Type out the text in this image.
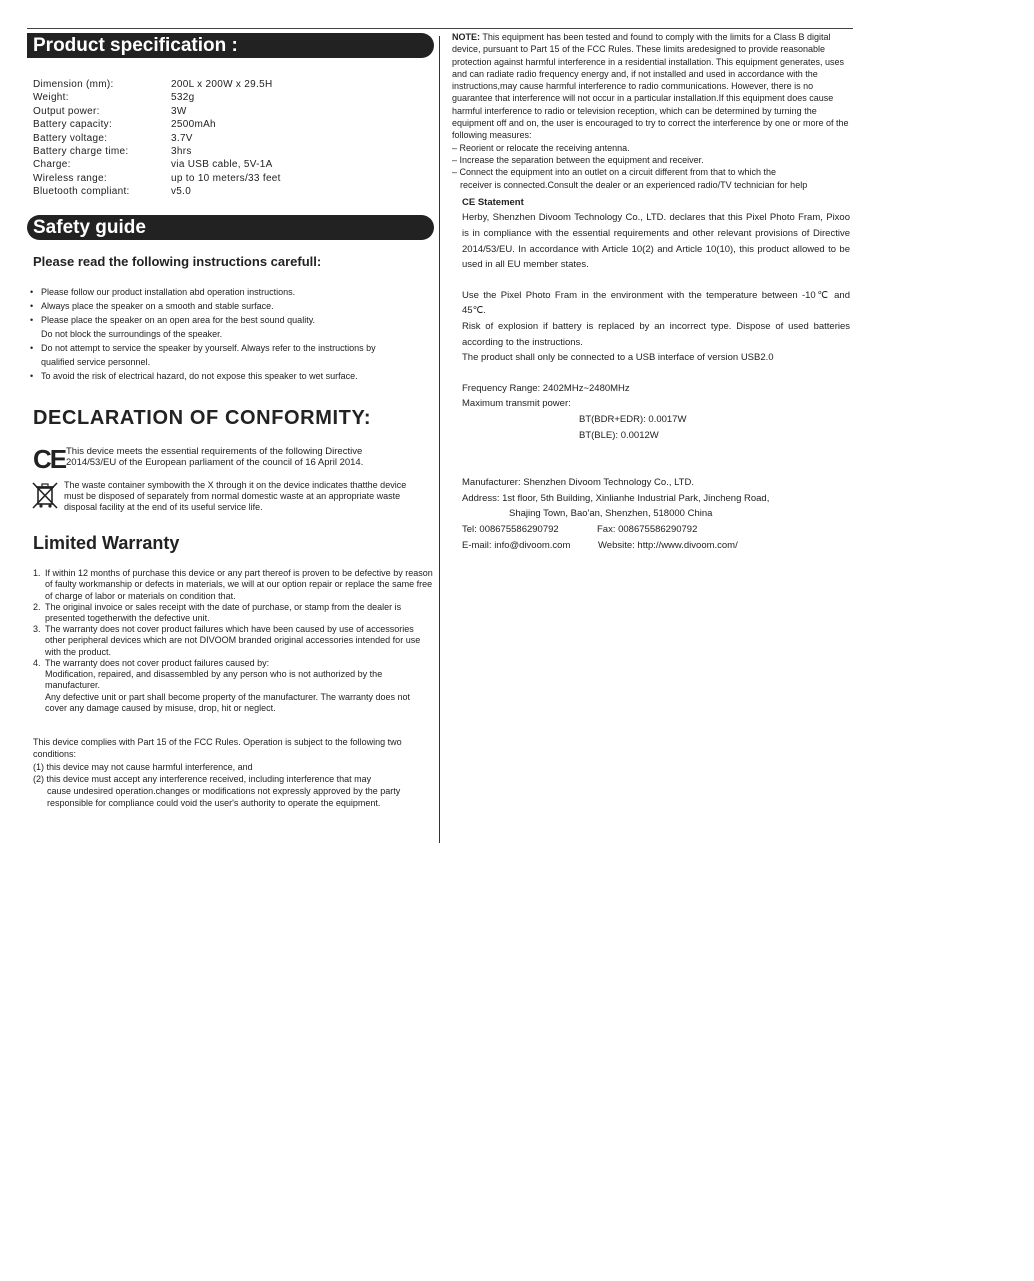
Product specification :
Dimension (mm):	200L x 200W x 29.5H
Weight:	532g
Output power:	3W
Battery capacity:	2500mAh
Battery voltage:	3.7V
Battery charge time:	3hrs
Charge:	via USB cable, 5V-1A
Wireless range:	up to 10 meters/33 feet
Bluetooth compliant:	v5.0
Safety guide
Please read the following instructions carefull:
• Please follow our product installation abd operation instructions.
• Always place the speaker on a smooth and stable surface.
• Please place the speaker on an open area for the best sound quality.
Do not block the surroundings of the speaker.
• Do not attempt to service the speaker by yourself. Always refer to the instructions by
qualified service personnel.
• To avoid the risk of electrical hazard, do not expose this speaker to wet surface.
DECLARATION OF CONFORMITY:
CE This device meets the essential requirements of the following Directive 2014/53/EU of the European parliament of the council of 16 April 2014.
The waste container symbowith the X through it on the device indicates thatthe device must be disposed of separately from normal domestic waste at an appropriate waste disposal facility at the end of its useful service life.
Limited Warranty
1. If within 12 months of purchase this device or any part thereof is proven to be defective by reason of faulty workmanship or defects in materials, we will at our option repair or replace the same free of charge of labor or materials on condition that.
2. The original invoice or sales receipt with the date of purchase, or stamp from the dealer is presented togetherwith the defective unit.
3. The warranty does not cover product failures which have been caused by use of accessories other peripheral devices which are not DIVOOM branded original accessories intended for use with the product.
4. The warranty does not cover product failures caused by:
Modification, repaired, and disassembled by any person who is not authorized by the manufacturer.
Any defective unit or part shall become property of the manufacturer. The warranty does not cover any damage caused by misuse, drop, hit or neglect.
This device complies with Part 15 of the FCC Rules. Operation is subject to the following two conditions:
(1) this device may not cause harmful interference, and
(2) this device must accept any interference received, including interference that may
cause undesired operation.changes or modifications not expressly approved by the party responsible for compliance could void the user's authority to operate the equipment.
NOTE: This equipment has been tested and found to comply with the limits for a Class B digital device, pursuant to Part 15 of the FCC Rules. These limits aredesigned to provide reasonable protection against harmful interference in a residential installation. This equipment generates, uses and can radiate radio frequency energy and, if not installed and used in accordance with the instructions,may cause harmful interference to radio communications. However, there is no guarantee that interference will not occur in a particular installation.If this equipment does cause harmful interference to radio or television reception, which can be determined by turning the equipment off and on, the user is encouraged to try to correct the interference by one or more of the following measures:
– Reorient or relocate the receiving antenna.
– Increase the separation between the equipment and receiver.
– Connect the equipment into an outlet on a circuit different from that to which the
receiver is connected.Consult the dealer or an experienced radio/TV technician for help
CE Statement
Herby, Shenzhen Divoom Technology Co., LTD. declares that this Pixel Photo Fram, Pixoo is in compliance with the essential requirements and other relevant provisions of Directive 2014/53/EU. In accordance with Article 10(2) and Article 10(10), this product allowed to be used in all EU member states.
Use the Pixel Photo Fram in the environment with the temperature between -10℃ and 45℃.
Risk of explosion if battery is replaced by an incorrect type. Dispose of used batteries according to the instructions.
The product shall only be connected to a USB interface of version USB2.0
Frequency Range: 2402MHz~2480MHz
Maximum transmit power:
BT(BDR+EDR): 0.0017W
BT(BLE): 0.0012W
Manufacturer: Shenzhen Divoom Technology Co., LTD.
Address: 1st floor, 5th Building, Xinlianhe Industrial Park, Jincheng Road,
Shajing Town, Bao'an, Shenzhen, 518000 China
Tel: 008675586290792	Fax: 008675586290792
E-mail: info@divoom.com	Website: http://www.divoom.com/
